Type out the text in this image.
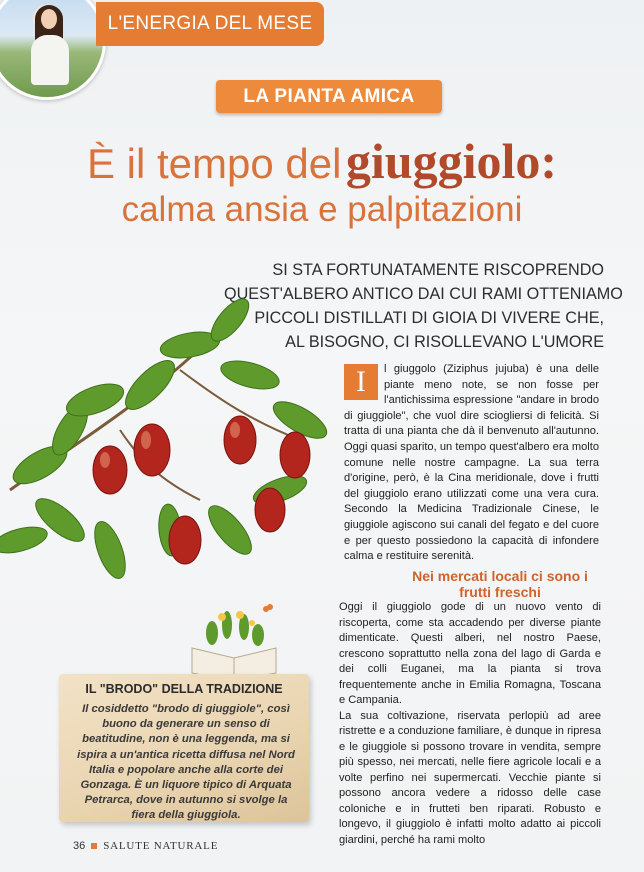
L'ENERGIA DEL MESE
LA PIANTA AMICA
È il tempo del giuggiolo:
calma ansia e palpitazioni
SI STA FORTUNATAMENTE RISCOPRENDO
QUEST'ALBERO ANTICO DAI CUI RAMI OTTENIAMO
PICCOLI DISTILLATI DI GIOIA DI VIVERE CHE,
AL BISOGNO, CI RISOLLEVANO L'UMORE
I	l giuggolo (Ziziphus jujuba) è una delle piante meno note, se non fosse per l'antichissima espressione "andare in brodo di giuggiole", che vuol dire sciogliersi di felicità. Si tratta di una pianta che dà il benvenuto all'autunno. Oggi quasi sparito, un tempo quest'albero era molto comune nelle nostre campagne. La sua terra d'origine, però, è la Cina meridionale, dove i frutti del giuggiolo erano utilizzati come una vera cura. Secondo la Medicina Tradizionale Cinese, le giuggiole agiscono sui canali del fegato e del cuore e per questo possiedono la capacità di infondere calma e restituire serenità.

Nei mercati locali ci sono i frutti freschi

Oggi il giuggiolo gode di un nuovo vento di riscoperta, come sta accadendo per diverse piante dimenticate. Questi alberi, nel nostro Paese, crescono soprattutto nella zona del lago di Garda e dei colli Euganei, ma la pianta si trova frequentemente anche in Emilia Romagna, Toscana e Campania.

La sua coltivazione, riservata perlopiù ad aree ristrette e a conduzione familiare, è dunque in ripresa e le giuggiole si possono trovare in vendita, sempre più spesso, nei mercati, nelle fiere agricole locali e a volte perfino nei supermercati. Vecchie piante si possono ancora vedere a ridosso delle case coloniche e in frutteti ben riparati. Robusto e longevo, il giuggiolo è infatti molto adatto ai piccoli giardini, perché ha rami molto

IL "BRODO" DELLA TRADIZIONE

Il cosiddetto "brodo di giuggiole", così buono da generare un senso di beatitudine, non è una leggenda, ma si ispira a un'antica ricetta diffusa nel Nord Italia e popolare anche alla corte dei Gonzaga. È un liquore tipico di Arquata Petrarca, dove in autunno si svolge la fiera della giuggiola.

36 SALUTE NATURALE
